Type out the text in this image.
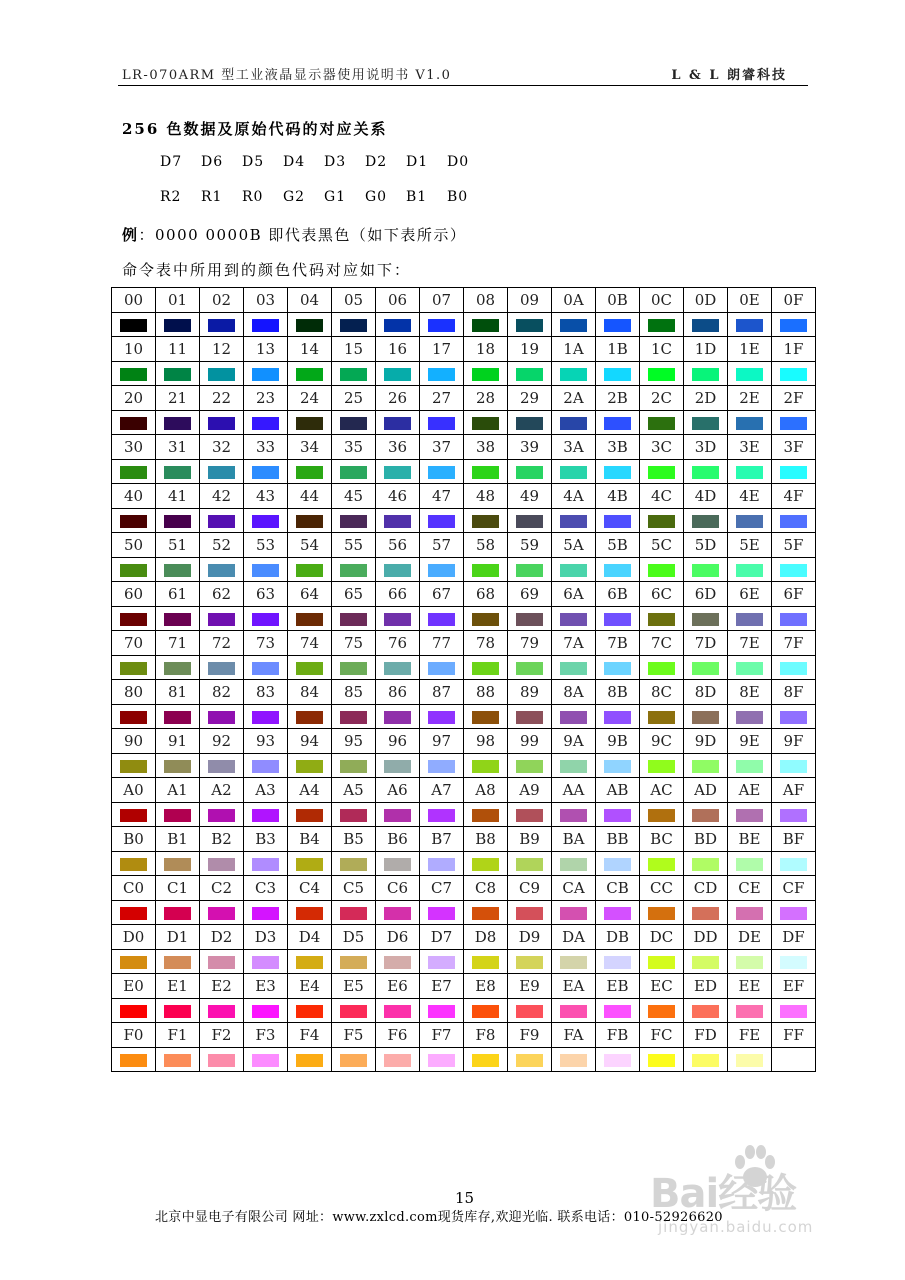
LR-070ARM 型工业液晶显示器使用说明书 V1.0	L & L 朗睿科技
256 色数据及原始代码的对应关系
D7 D6 D5 D4 D3 D2 D1 D0
R2 R1 R0 G2 G1 G0 B1 B0
例：0000 0000B 即代表黑色（如下表所示）
命令表中所用到的颜色代码对应如下：
00	01	02	03	04	05	06	07	08	09	0A	0B	0C	0D	0E	0F

10	11	12	13	14	15	16	17	18	19	1A	1B	1C	1D	1E	1F

20	21	22	23	24	25	26	27	28	29	2A	2B	2C	2D	2E	2F

30	31	32	33	34	35	36	37	38	39	3A	3B	3C	3D	3E	3F

40	41	42	43	44	45	46	47	48	49	4A	4B	4C	4D	4E	4F

50	51	52	53	54	55	56	57	58	59	5A	5B	5C	5D	5E	5F

60	61	62	63	64	65	66	67	68	69	6A	6B	6C	6D	6E	6F

70	71	72	73	74	75	76	77	78	79	7A	7B	7C	7D	7E	7F

80	81	82	83	84	85	86	87	88	89	8A	8B	8C	8D	8E	8F

90	91	92	93	94	95	96	97	98	99	9A	9B	9C	9D	9E	9F

A0	A1	A2	A3	A4	A5	A6	A7	A8	A9	AA	AB	AC	AD	AE	AF

B0	B1	B2	B3	B4	B5	B6	B7	B8	B9	BA	BB	BC	BD	BE	BF

C0	C1	C2	C3	C4	C5	C6	C7	C8	C9	CA	CB	CC	CD	CE	CF

D0	D1	D2	D3	D4	D5	D6	D7	D8	D9	DA	DB	DC	DD	DE	DF

E0	E1	E2	E3	E4	E5	E6	E7	E8	E9	EA	EB	EC	ED	EE	EF

F0	F1	F2	F3	F4	F5	F6	F7	F8	F9	FA	FB	FC	FD	FE	FF

15
北京中显电子有限公司 网址：www.zxlcd.com现货库存,欢迎光临. 联系电话：010-52926620
Bai经验
jingyan.baidu.com
